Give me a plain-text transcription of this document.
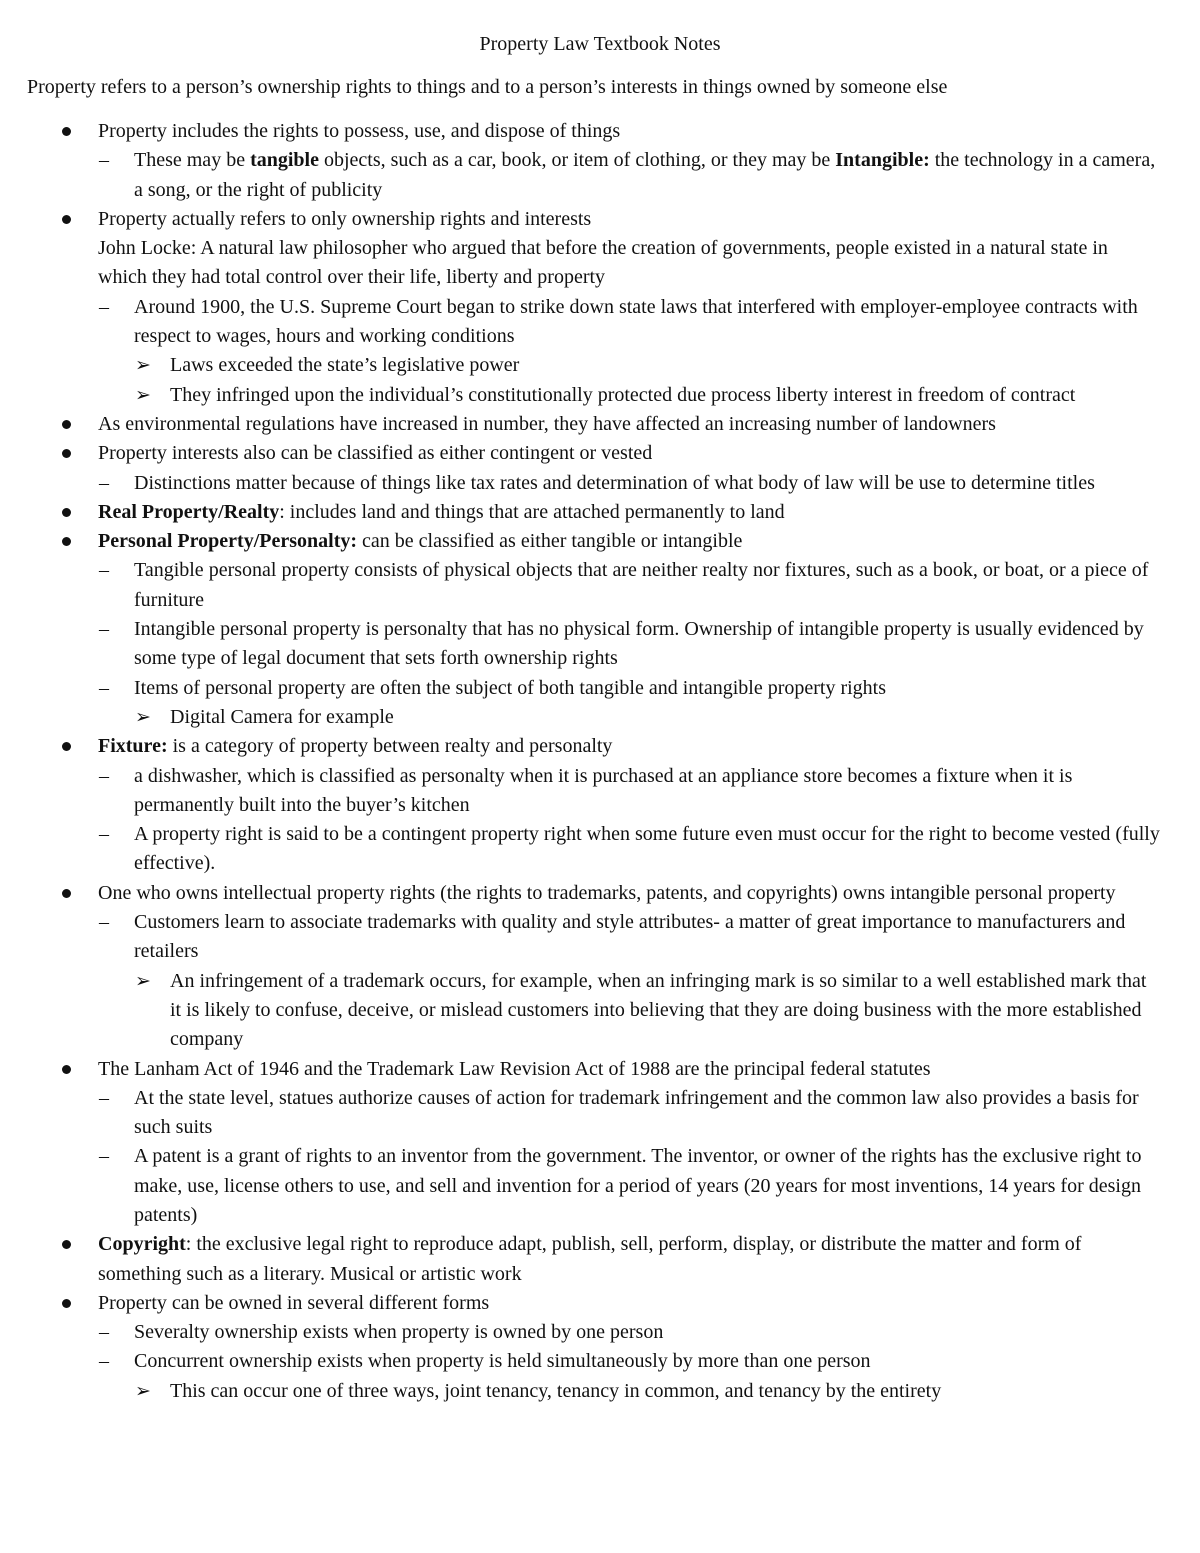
Property Law Textbook Notes
Property refers to a person’s ownership rights to things and to a person’s interests in things owned by someone else
Property includes the rights to possess, use, and dispose of things
– These may be tangible objects, such as a car, book, or item of clothing, or they may be Intangible: the technology in a camera, a song, or the right of publicity
Property actually refers to only ownership rights and interests
John Locke: A natural law philosopher who argued that before the creation of governments, people existed in a natural state in which they had total control over their life, liberty and property
– Around 1900, the U.S. Supreme Court began to strike down state laws that interfered with employer-employee contracts with respect to wages, hours and working conditions
➢ Laws exceeded the state’s legislative power
➢ They infringed upon the individual’s constitutionally protected due process liberty interest in freedom of contract
As environmental regulations have increased in number, they have affected an increasing number of landowners
Property interests also can be classified as either contingent or vested
– Distinctions matter because of things like tax rates and determination of what body of law will be use to determine titles
Real Property/Realty: includes land and things that are attached permanently to land
Personal Property/Personalty: can be classified as either tangible or intangible
– Tangible personal property consists of physical objects that are neither realty nor fixtures, such as a book, or boat, or a piece of furniture
– Intangible personal property is personalty that has no physical form. Ownership of intangible property is usually evidenced by some type of legal document that sets forth ownership rights
– Items of personal property are often the subject of both tangible and intangible property rights
➢ Digital Camera for example
Fixture: is a category of property between realty and personalty
– a dishwasher, which is classified as personalty when it is purchased at an appliance store becomes a fixture when it is permanently built into the buyer’s kitchen
– A property right is said to be a contingent property right when some future even must occur for the right to become vested (fully effective).
One who owns intellectual property rights (the rights to trademarks, patents, and copyrights) owns intangible personal property
– Customers learn to associate trademarks with quality and style attributes- a matter of great importance to manufacturers and retailers
➢ An infringement of a trademark occurs, for example, when an infringing mark is so similar to a well established mark that it is likely to confuse, deceive, or mislead customers into believing that they are doing business with the more established company
The Lanham Act of 1946 and the Trademark Law Revision Act of 1988 are the principal federal statutes
– At the state level, statues authorize causes of action for trademark infringement and the common law also provides a basis for such suits
– A patent is a grant of rights to an inventor from the government. The inventor, or owner of the rights has the exclusive right to make, use, license others to use, and sell and invention for a period of years (20 years for most inventions, 14 years for design patents)
Copyright: the exclusive legal right to reproduce adapt, publish, sell, perform, display, or distribute the matter and form of something such as a literary. Musical or artistic work
Property can be owned in several different forms
– Severalty ownership exists when property is owned by one person
– Concurrent ownership exists when property is held simultaneously by more than one person
➢ This can occur one of three ways, joint tenancy, tenancy in common, and tenancy by the entirety
